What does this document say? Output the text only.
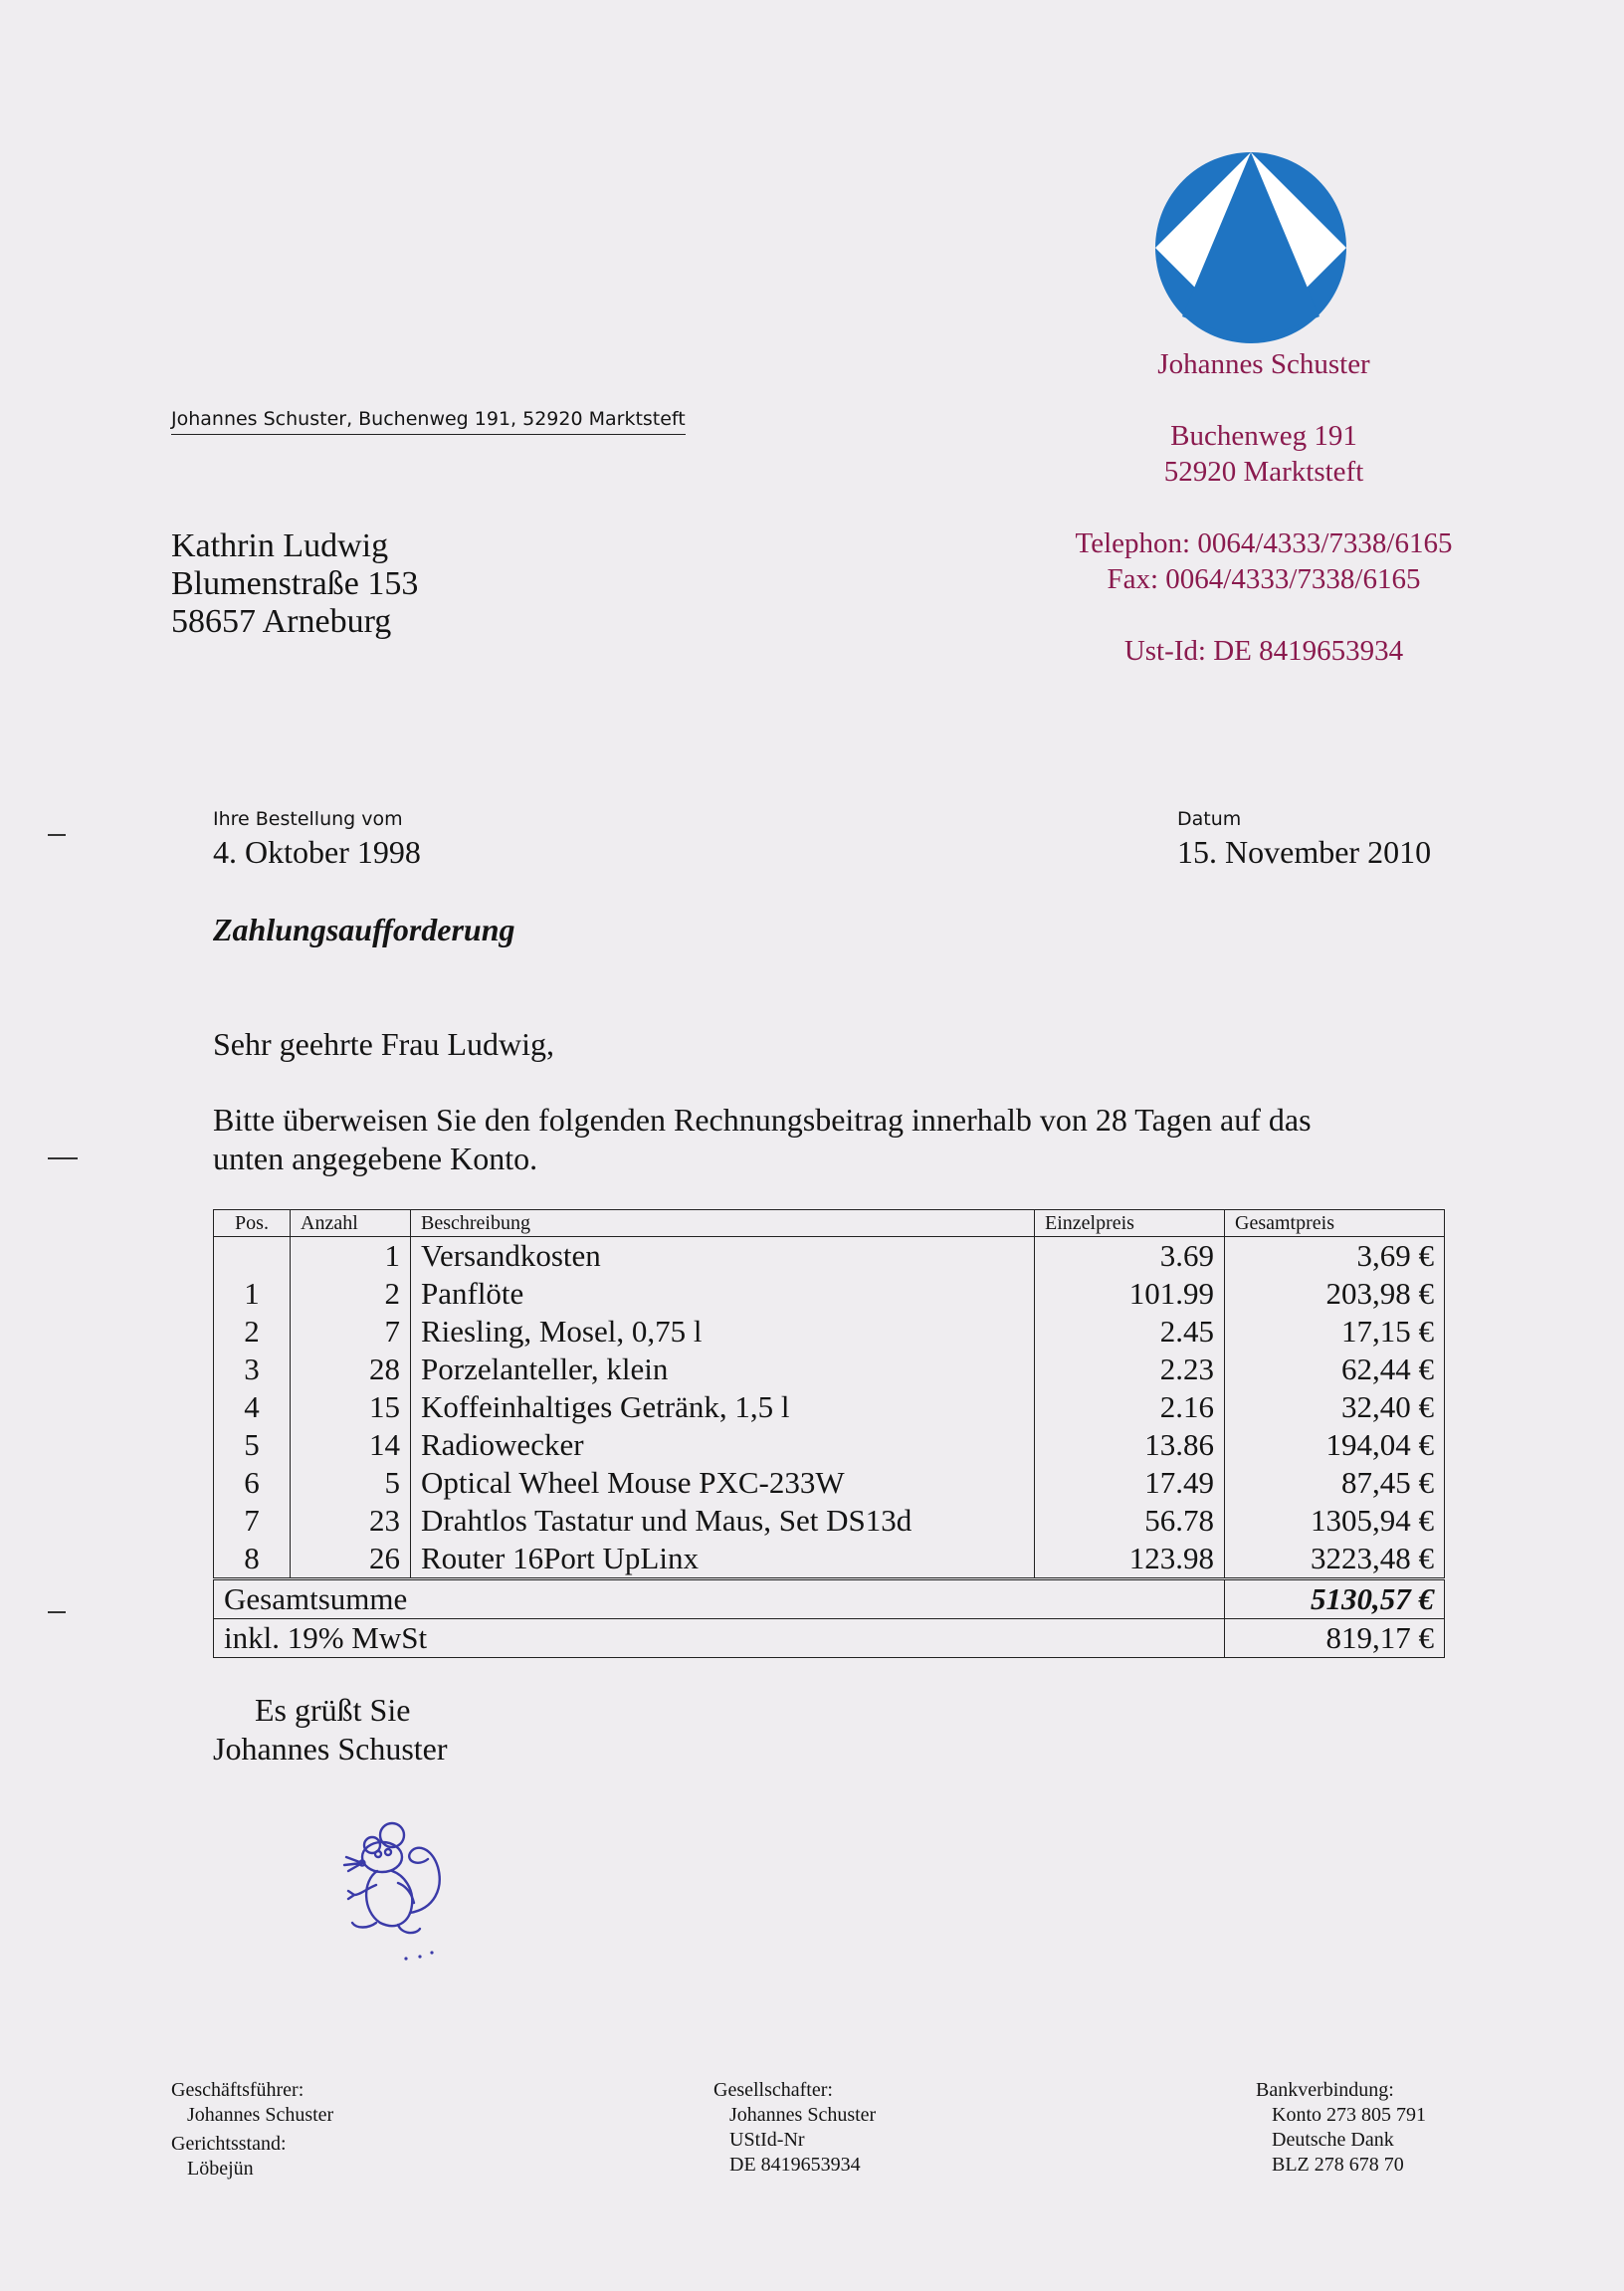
Johannes Schuster
Buchenweg 191
52920 Marktsteft
Telephon: 0064/4333/7338/6165
Fax: 0064/4333/7338/6165
Ust-Id: DE 8419653934
Johannes Schuster, Buchenweg 191, 52920 Marktsteft
Kathrin Ludwig
Blumenstraße 153
58657 Arneburg
Ihre Bestellung vom
4. Oktober 1998
Datum
15. November 2010
Zahlungsaufforderung
Sehr geehrte Frau Ludwig,
Bitte überweisen Sie den folgenden Rechnungsbeitrag innerhalb von 28 Tagen auf das
unten angegebene Konto.
Pos.	Anzahl	Beschreibung	Einzelpreis	Gesamtpreis
	1	Versandkosten	3.69	3,69 €
1	2	Panflöte	101.99	203,98 €
2	7	Riesling, Mosel, 0,75 l	2.45	17,15 €
3	28	Porzelanteller, klein	2.23	62,44 €
4	15	Koffeinhaltiges Getränk, 1,5 l	2.16	32,40 €
5	14	Radiowecker	13.86	194,04 €
6	5	Optical Wheel Mouse PXC-233W	17.49	87,45 €
7	23	Drahtlos Tastatur und Maus, Set DS13d	56.78	1305,94 €
8	26	Router 16Port UpLinx	123.98	3223,48 €
Gesamtsumme	5130,57 €
inkl. 19% MwSt	819,17 €
Es grüßt Sie
Johannes Schuster
Geschäftsführer:
Johannes Schuster
Gerichtsstand:
Löbejün
Gesellschafter:
Johannes Schuster
UStId-Nr
DE 8419653934
Bankverbindung:
Konto 273 805 791
Deutsche Dank
BLZ 278 678 70
